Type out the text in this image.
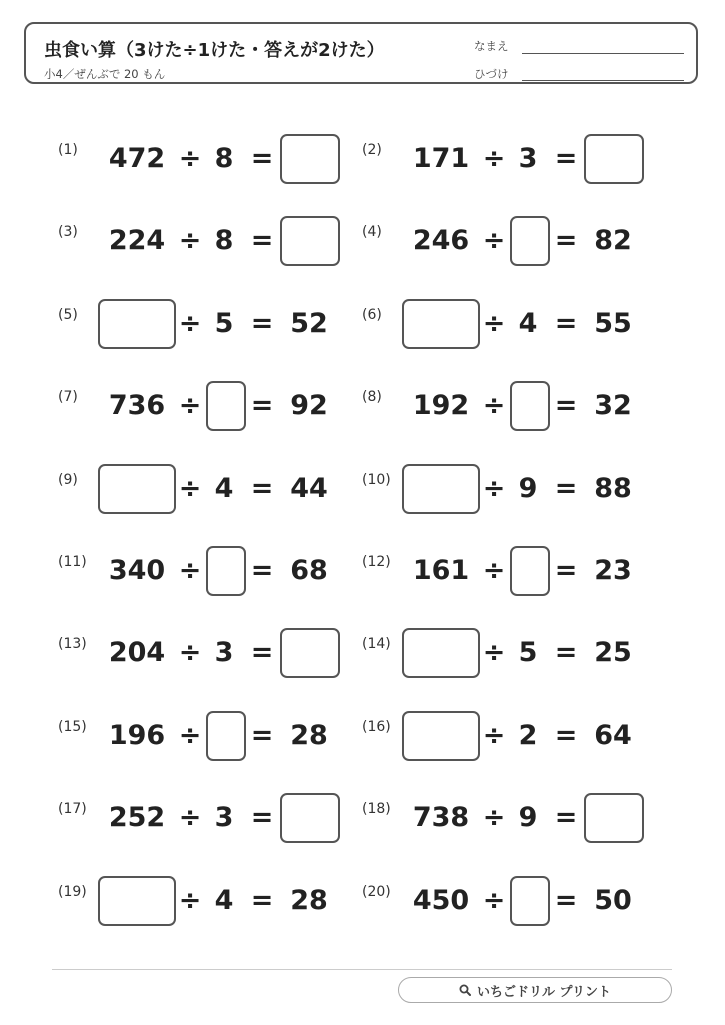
虫食い算（3けた÷1けた・答えが2けた）
小4／ぜんぶで 20 もん
なまえ
ひづけ
(1)	472 ÷ 8 =	(2)	171 ÷ 3 =
(3)	224 ÷ 8 =	(4)	246 ÷ = 82
(5)	÷ 5 = 52	(6)	÷ 4 = 55
(7)	736 ÷ = 92	(8)	192 ÷ = 32
(9)	÷ 4 = 44	(10)	÷ 9 = 88
(11) 340 ÷ = 68	(12) 161 ÷ = 23
(13) 204 ÷ 3 =	(14)	÷ 5 = 25
(15) 196 ÷ = 28	(16)	÷ 2 = 64
(17) 252 ÷ 3 =	(18) 738 ÷ 9 =
(19)	÷ 4 = 28	(20) 450 ÷ = 50
いちごドリル プリント
